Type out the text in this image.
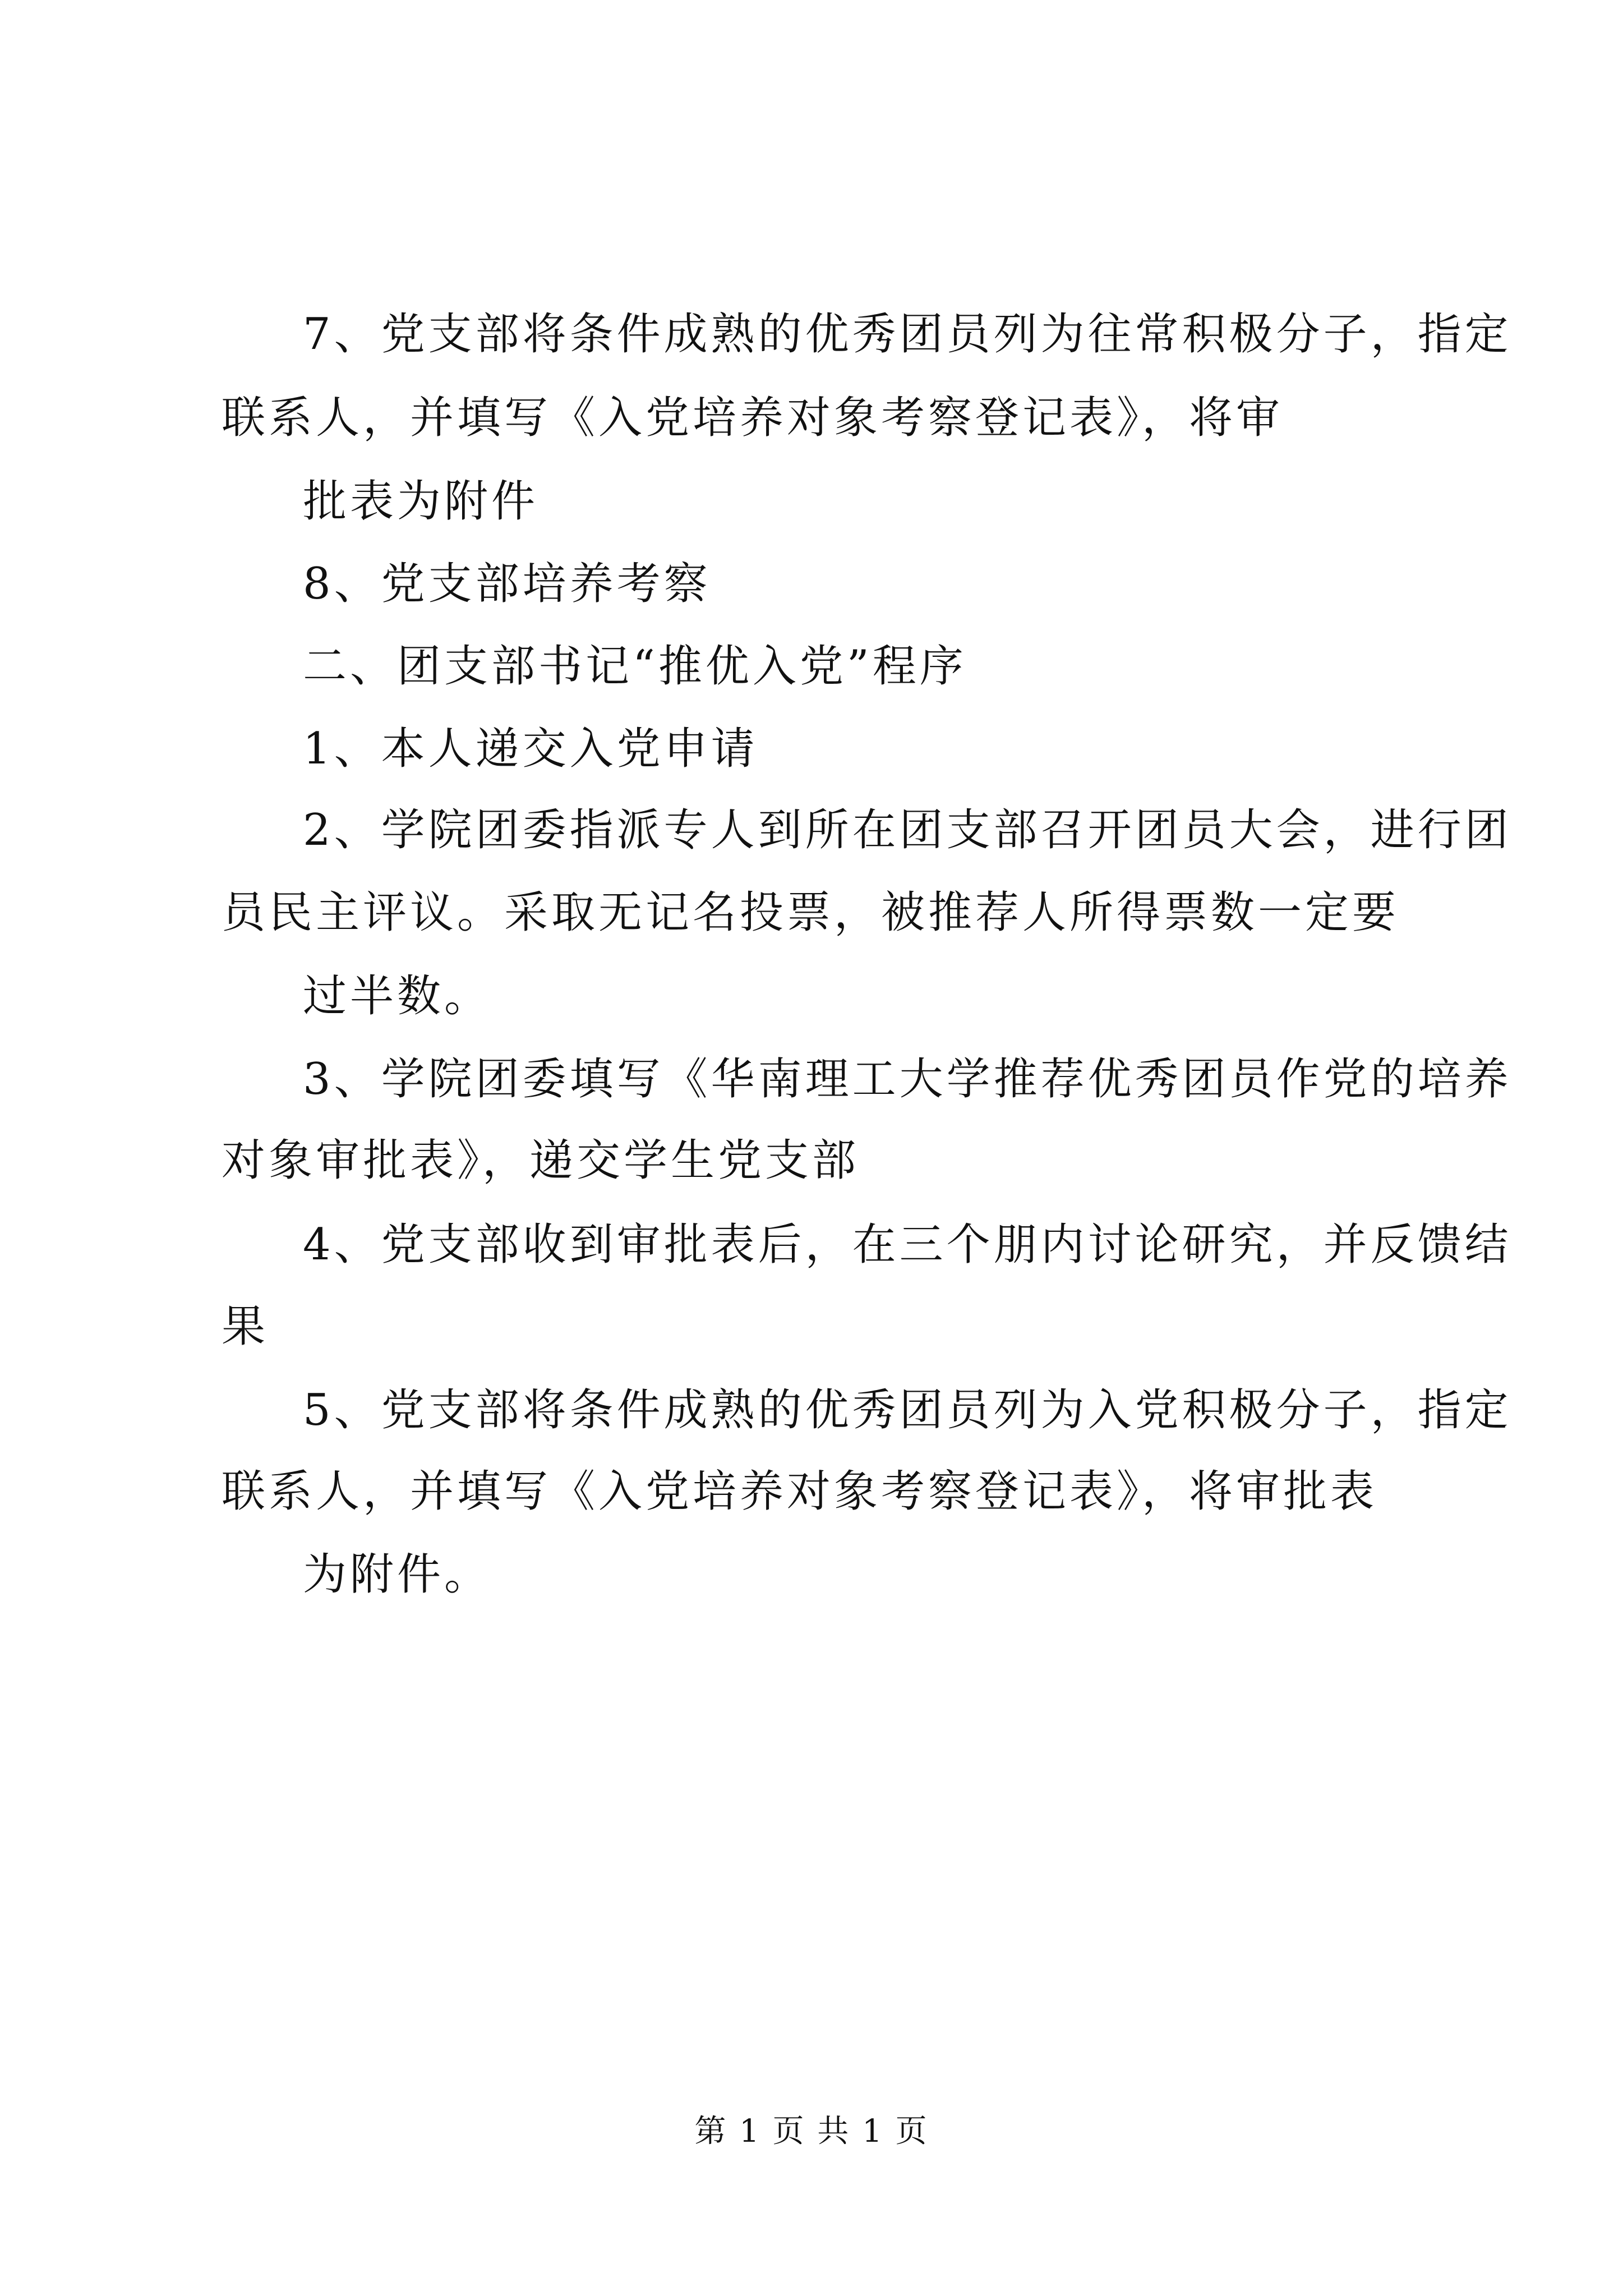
7、党支部将条件成熟的优秀团员列为往常积极分子，指定
联系人，并填写《入党培养对象考察登记表》，将审
批表为附件
8、党支部培养考察
二、团支部书记“推优入党”程序
1、本人递交入党申请
2、学院团委指派专人到所在团支部召开团员大会，进行团
员民主评议。采取无记名投票，被推荐人所得票数一定要
过半数。
3、学院团委填写《华南理工大学推荐优秀团员作党的培养
对象审批表》，递交学生党支部
4、党支部收到审批表后，在三个朋内讨论研究，并反馈结
果
5、党支部将条件成熟的优秀团员列为入党积极分子，指定
联系人，并填写《入党培养对象考察登记表》，将审批表
为附件。
第 1 页 共 1 页
